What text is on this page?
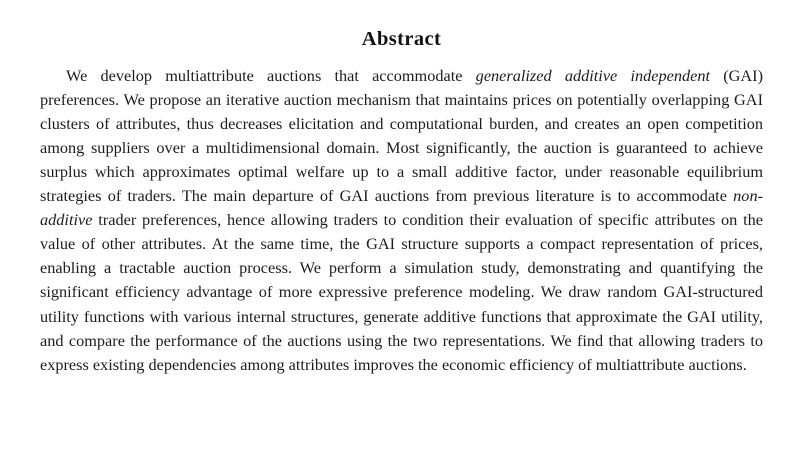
Abstract

We develop multiattribute auctions that accommodate generalized additive independent (GAI) preferences. We propose an iterative auction mechanism that maintains prices on potentially overlapping GAI clusters of attributes, thus decreases elicitation and computational burden, and creates an open competition among suppliers over a multidimensional domain. Most significantly, the auction is guaranteed to achieve surplus which approximates optimal welfare up to a small additive factor, under reasonable equilibrium strategies of traders. The main departure of GAI auctions from previous literature is to accommodate non-additive trader preferences, hence allowing traders to condition their evaluation of specific attributes on the value of other attributes. At the same time, the GAI structure supports a compact representation of prices, enabling a tractable auction process. We perform a simulation study, demonstrating and quantifying the significant efficiency advantage of more expressive preference modeling. We draw random GAI-structured utility functions with various internal structures, generate additive functions that approximate the GAI utility, and compare the performance of the auctions using the two representations. We find that allowing traders to express existing dependencies among attributes improves the economic efficiency of multiattribute auctions.
